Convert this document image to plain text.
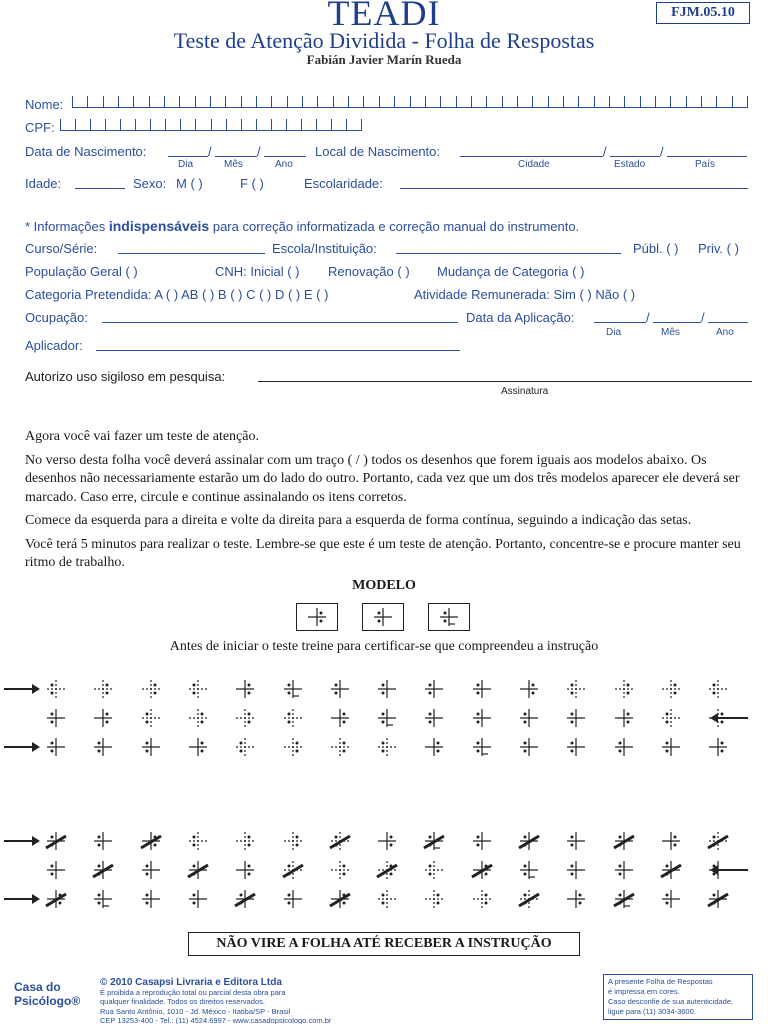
TEADI	FJM.05.10
Teste de Atenção Dividida - Folha de Respostas
Fabián Javier Marín Rueda
Nome:
CPF:
Data de Nascimento:	/	/
Dia	Mês	Ano
Local de Nascimento:	/	/
Cidade	Estado	País
Idade:	Sexo: M ( )	F ( )	Escolaridade:
* Informações indispensáveis para correção informatizada e correção manual do instrumento.
Curso/Série:	Escola/Instituição:	Públ. ( ) Priv. ( )
População Geral ( )	CNH: Inicial ( ) Renovação ( ) Mudança de Categoria ( )
Categoria Pretendida: A ( ) AB ( ) B ( ) C ( ) D ( ) E ( )	Atividade Remunerada: Sim ( ) Não ( )
Ocupação:	Data da Aplicação:	/	/
Dia	Mês	Ano
Aplicador:
Autorizo uso sigiloso em pesquisa:
Assinatura

Agora você vai fazer um teste de atenção.

No verso desta folha você deverá assinalar com um traço ( / ) todos os desenhos que forem iguais aos modelos abaixo. Os desenhos não necessariamente estarão um do lado do outro. Portanto, cada vez que um dos três modelos aparecer ele deverá ser marcado. Caso erre, circule e continue assinalando os itens corretos.

Comece da esquerda para a direita e volte da direita para a esquerda de forma contínua, seguindo a indicação das setas.

Você terá 5 minutos para realizar o teste. Lembre-se que este é um teste de atenção. Portanto, concentre-se e procure manter seu ritmo de trabalho.

MODELO
Antes de iniciar o teste treine para certificar-se que compreendeu a instrução
NÃO VIRE A FOLHA ATÉ RECEBER A INSTRUÇÃO
Casa do
Psicólogo®
© 2010 Casapsi Livraria e Editora Ltda
É proibida a reprodução total ou parcial desta obra para
qualquer finalidade. Todos os direitos reservados.
Rua Santo Antônio, 1010 - Jd. México - Itatiba/SP - Brasil
CEP 13253-400 - Tel.: (11) 4524.6997 - www.casadopsicologo.com.br
A presente Folha de Respostas
é impressa em cores.
Caso desconfie de sua autenticidade,
ligue para (11) 3034-3600.
